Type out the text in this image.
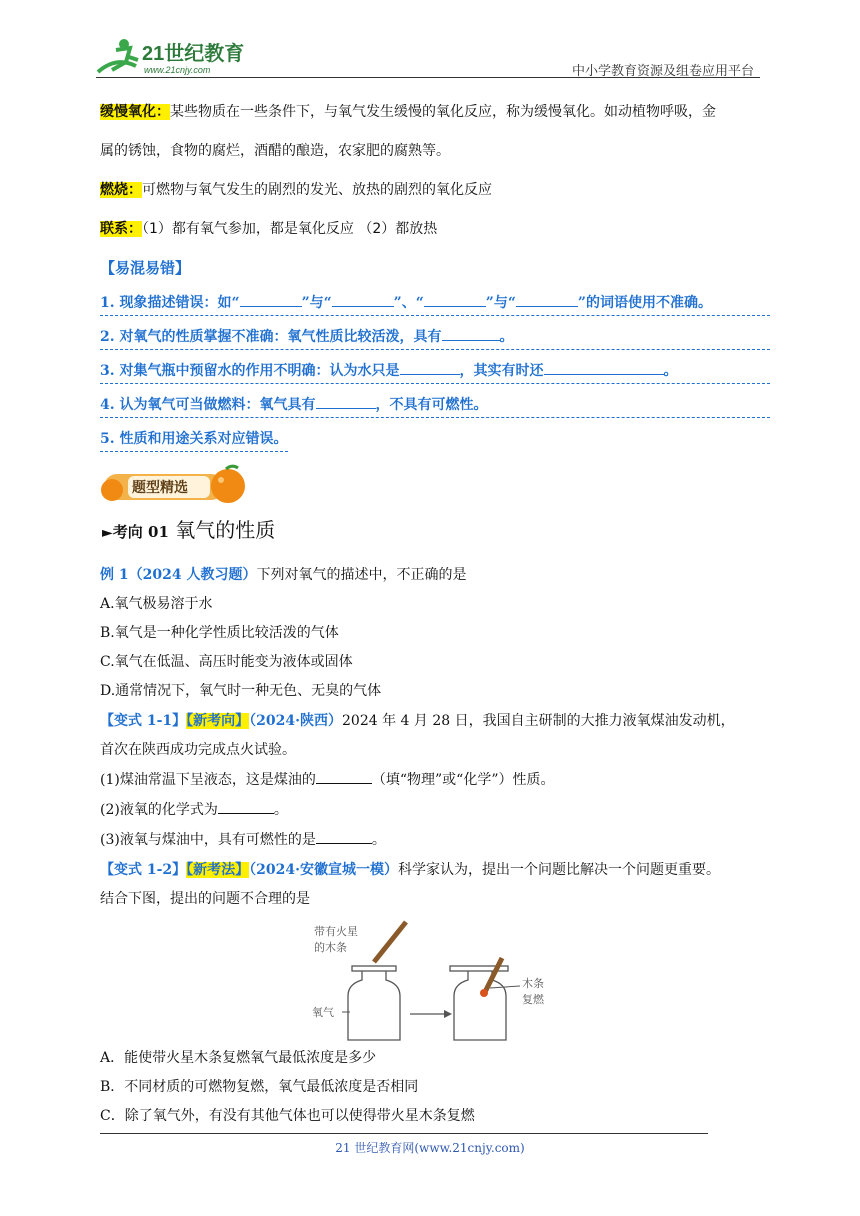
21世纪教育
www.21cnjy.com	中小学教育资源及组卷应用平台
缓慢氧化：某些物质在一些条件下，与氧气发生缓慢的氧化反应，称为缓慢氧化。如动植物呼吸，金
属的锈蚀，食物的腐烂，酒醋的酿造，农家肥的腐熟等。
燃烧：可燃物与氧气发生的剧烈的发光、放热的剧烈的氧化反应
联系：（1）都有氧气参加，都是氧化反应 （2）都放热
【易混易错】
1. 现象描述错误：如“	”与“	”、“	”与“	”的词语使用不准确。
2. 对氧气的性质掌握不准确：氧气性质比较活泼，具有	。
3. 对集气瓶中预留水的作用不明确：认为水只是	，其实有时还	。
4. 认为氧气可当做燃料：氧气具有	，不具有可燃性。
5. 性质和用途关系对应错误。
题型精选
►考向 01 氧气的性质
例 1（2024 人教习题）下列对氧气的描述中，不正确的是
A.氧气极易溶于水
B.氧气是一种化学性质比较活泼的气体
C.氧气在低温、高压时能变为液体或固体
D.通常情况下，氧气时一种无色、无臭的气体
【变式 1-1】【新考向】（2024·陕西）2024 年 4 月 28 日，我国自主研制的大推力液氧煤油发动机，
首次在陕西成功完成点火试验。
(1)煤油常温下呈液态，这是煤油的	（填“物理”或“化学”）性质。
(2)液氧的化学式为	。
(3)液氧与煤油中，具有可燃性的是	。
【变式 1-2】【新考法】（2024·安徽宣城一模）科学家认为，提出一个问题比解决一个问题更重要。
结合下图，提出的问题不合理的是
带有火星
的木条
氧气
木条
复燃
A．能使带火星木条复燃氧气最低浓度是多少
B．不同材质的可燃物复燃，氧气最低浓度是否相同
C．除了氧气外，有没有其他气体也可以使得带火星木条复燃
21 世纪教育网(www.21cnjy.com)
